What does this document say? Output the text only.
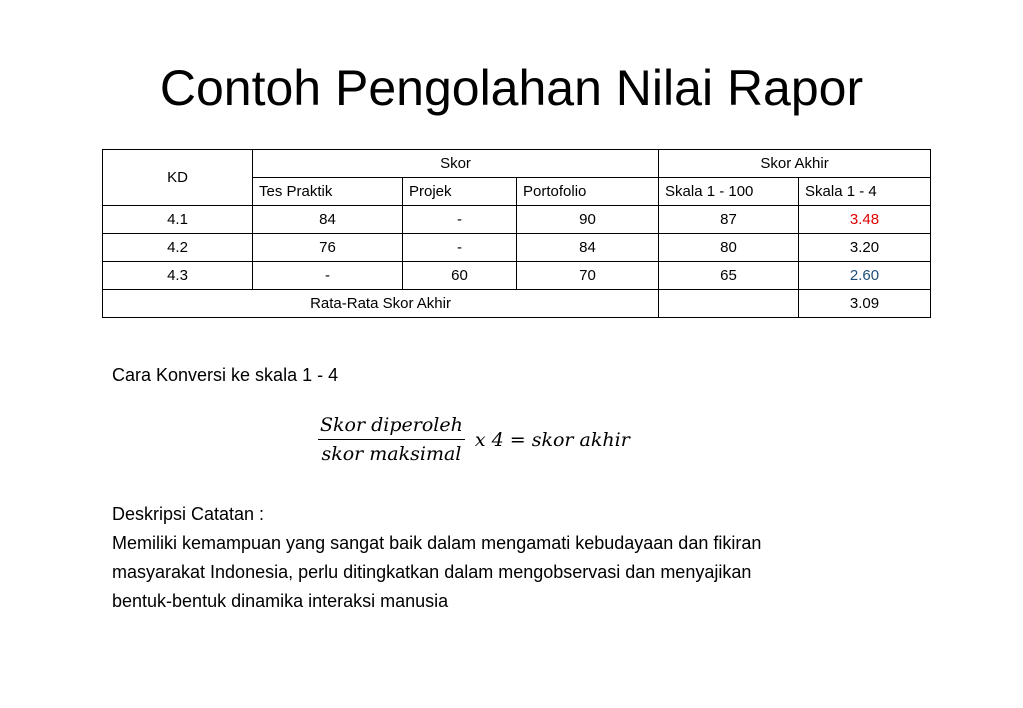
Contoh Pengolahan Nilai Rapor
KD	Skor			Skor Akhir	
	Tes Praktik	Projek	Portofolio	Skala 1 - 100	Skala 1 - 4
4.1	84	-	90	87	3.48
4.2	76	-	84	80	3.20
4.3	-	60	70	65	2.60
Rata-Rata Skor Akhir					3.09

Cara Konversi ke skala 1 - 4

$\frac{\text{Skor diperoleh}}{\text{skor maksimal}}$ x 4 = skor akhir
Deskripsi Catatan :
Memiliki kemampuan yang sangat baik dalam mengamati kebudayaan dan fikiran
masyarakat Indonesia, perlu ditingkatkan dalam mengobservasi dan menyajikan
bentuk-bentuk dinamika interaksi manusia
